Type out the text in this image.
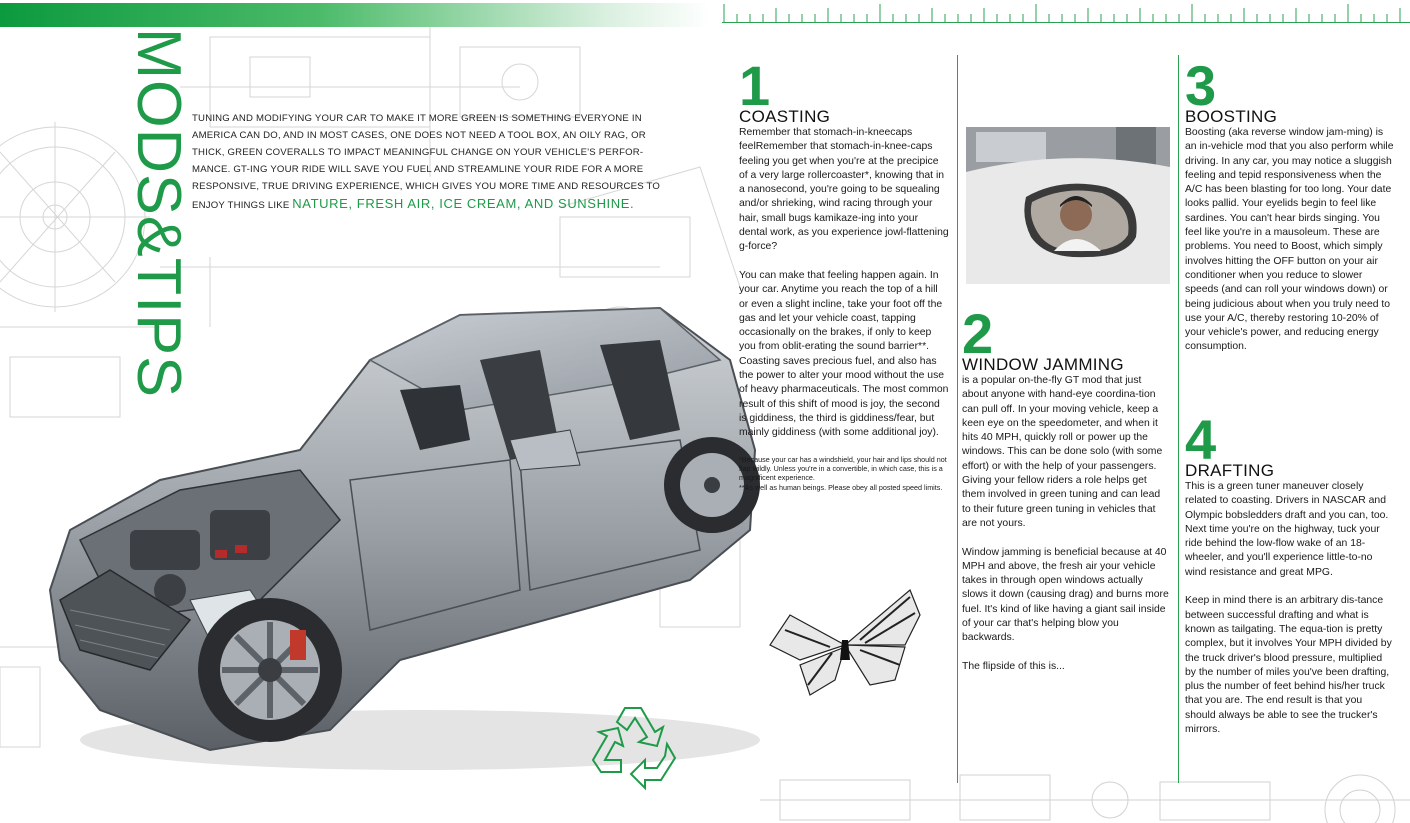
MODS&TIPS TUNING AND MODIFYING YOUR CAR TO MAKE IT MORE GREEN IS SOMETHING EVERYONE IN AMERICA CAN DO, AND IN MOST CASES, ONE DOES NOT NEED A TOOL BOX, AN OILY RAG, OR THICK, GREEN COVERALLS TO IMPACT MEANINGFUL CHANGE ON YOUR VEHICLE'S PERFOR-MANCE. GT-ING YOUR RIDE WILL SAVE YOU FUEL AND STREAMLINE YOUR RIDE FOR A MORE RESPONSIVE, TRUE DRIVING EXPERIENCE, WHICH GIVES YOU MORE TIME AND RESOURCES TO ENJOY THINGS LIKE NATURE, FRESH AIR, ICE CREAM, AND SUNSHINE.
1
COASTING

Remember that stomach-in-kneecaps feelRemember that stomach-in-knee-caps feeling you get when you're at the precipice of a very large rollercoaster*, knowing that in a nanosecond, you're going to be squealing and/or shrieking, wind racing through your hair, small bugs kamikaze-ing into your dental work, as you experience jowl-flattening g-force?

You can make that feeling happen again. In your car. Anytime you reach the top of a hill or even a slight incline, take your foot off the gas and let your vehicle coast, tapping occasionally on the brakes, if only to keep you from oblit-erating the sound barrier**. Coasting saves precious fuel, and also has the power to alter your mood without the use of heavy pharmaceuticals. The most common result of this shift of mood is joy, the second is giddiness, the third is giddiness/fear, but mainly giddiness (with some additional joy).

*Because your car has a windshield, your hair and lips should not flap wildly. Unless you're in a convertible, in which case, this is a magnificent experience.
**As well as human beings. Please obey all posted speed limits.
2
WINDOW JAMMING

is a popular on-the-fly GT mod that just about anyone with hand-eye coordina-tion can pull off. In your moving vehicle, keep a keen eye on the speedometer, and when it hits 40 MPH, quickly roll or power up the windows. This can be done solo (with some effort) or with the help of your passengers. Giving your fellow riders a role helps get them involved in green tuning and can lead to their future green tuning in vehicles that are not yours.

Window jamming is beneficial because at 40 MPH and above, the fresh air your vehicle takes in through open windows actually slows it down (causing drag) and burns more fuel. It's kind of like having a giant sail inside of your car that's helping blow you backwards.

The flipside of this is...

3
BOOSTING

Boosting (aka reverse window jam-ming) is an in-vehicle mod that you also perform while driving. In any car, you may notice a sluggish feeling and tepid responsiveness when the A/C has been blasting for too long. Your date looks pallid. Your eyelids begin to feel like sardines. You can't hear birds singing. You feel like you're in a mausoleum. These are problems. You need to Boost, which simply involves hitting the OFF button on your air conditioner when you reduce to slower speeds (and can roll your windows down) or being judicious about when you truly need to use your A/C, thereby restoring 10-20% of your vehicle's power, and reducing energy consumption.

4
DRAFTING

This is a green tuner maneuver closely related to coasting. Drivers in NASCAR and Olympic bobsledders draft and you can, too. Next time you're on the highway, tuck your ride behind the low-flow wake of an 18-wheeler, and you'll experience little-to-no wind resistance and great MPG.

Keep in mind there is an arbitrary dis-tance between successful drafting and what is known as tailgating. The equa-tion is pretty complex, but it involves Your MPH divided by the truck driver's blood pressure, multiplied by the number of miles you've been drafting, plus the number of feet behind his/her truck that you are. The end result is that you should always be able to see the trucker's mirrors.
